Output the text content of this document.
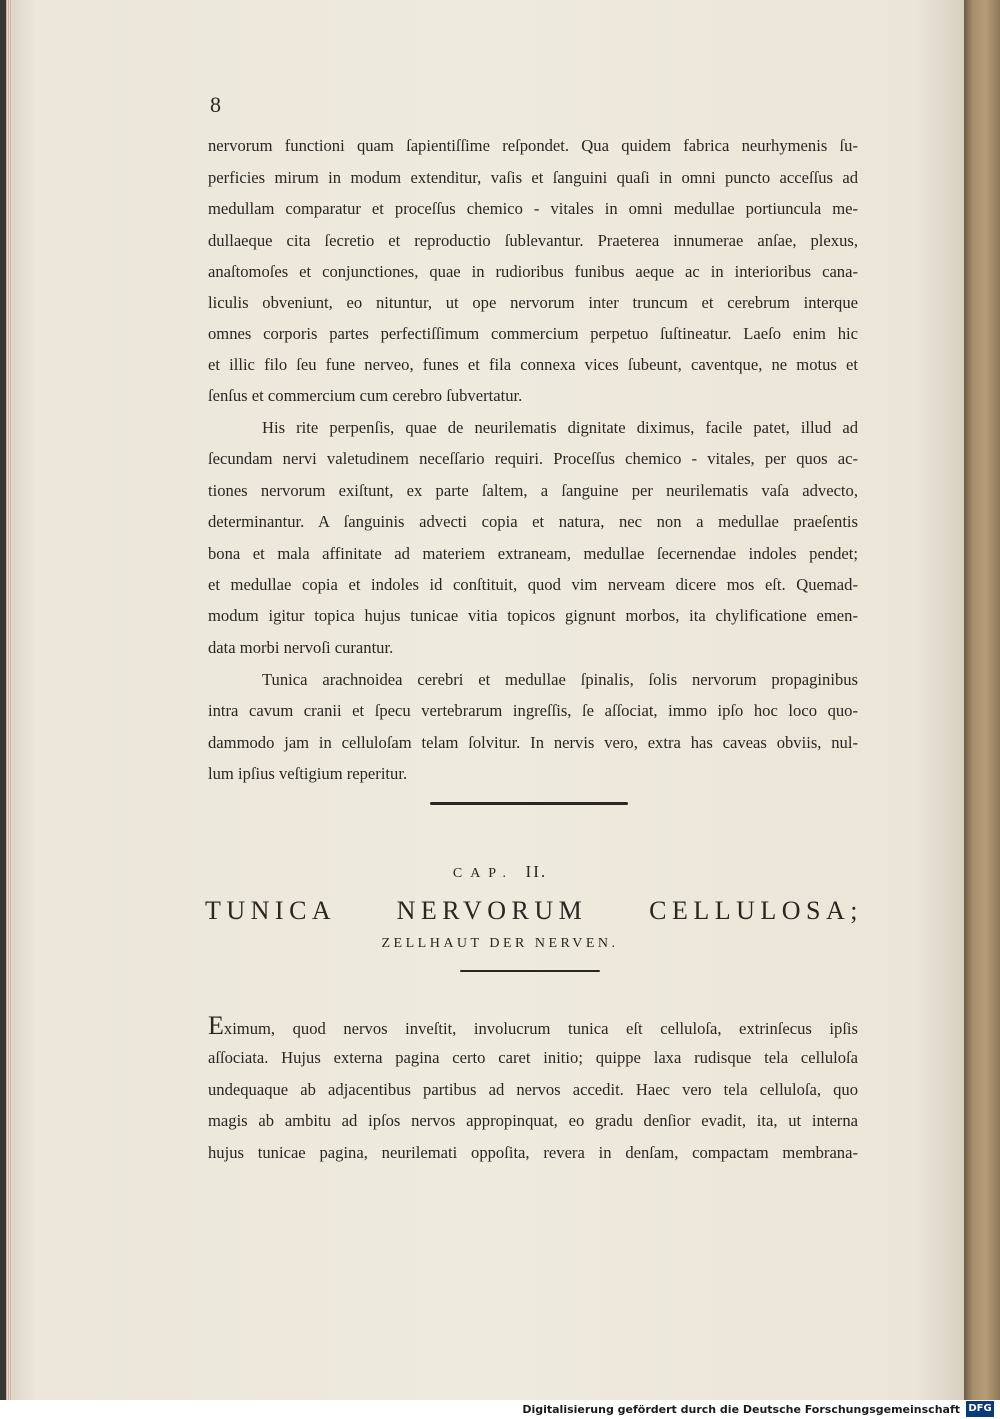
8
nervorum functioni quam ſapientiſſime reſpondet. Qua quidem fabrica neurhymenis ſu-
perficies mirum in modum extenditur, vaſis et ſanguini quaſi in omni puncto acceſſus ad
medullam comparatur et proceſſus chemico - vitales in omni medullae portiuncula me-
dullaeque cita ſecretio et reproductio ſublevantur. Praeterea innumerae anſae, plexus,
anaſtomoſes et conjunctiones, quae in rudioribus funibus aeque ac in interioribus cana-
liculis obveniunt, eo nituntur, ut ope nervorum inter truncum et cerebrum interque
omnes corporis partes perfectiſſimum commercium perpetuo ſuſtineatur. Laeſo enim hic
et illic filo ſeu fune nerveo, funes et fila connexa vices ſubeunt, caventque, ne motus et
ſenſus et commercium cum cerebro ſubvertatur.
His rite perpenſis, quae de neurilematis dignitate diximus, facile patet, illud ad
ſecundam nervi valetudinem neceſſario requiri. Proceſſus chemico - vitales, per quos ac-
tiones nervorum exiſtunt, ex parte ſaltem, a ſanguine per neurilematis vaſa advecto,
determinantur. A ſanguinis advecti copia et natura, nec non a medullae praeſentis
bona et mala affinitate ad materiem extraneam, medullae ſecernendae indoles pendet;
et medullae copia et indoles id conſtituit, quod vim nerveam dicere mos eſt. Quemad-
modum igitur topica hujus tunicae vitia topicos gignunt morbos, ita chylificatione emen-
data morbi nervoſi curantur.
Tunica arachnoidea cerebri et medullae ſpinalis, ſolis nervorum propaginibus
intra cavum cranii et ſpecu vertebrarum ingreſſis, ſe aſſociat, immo ipſo hoc loco quo-
dammodo jam in celluloſam telam ſolvitur. In nervis vero, extra has caveas obviis, nul-
lum ipſius veſtigium reperitur.
CAP. II.
TUNICA NERVORUM CELLULOSA;
ZELLHAUT DER NERVEN.
Eximum, quod nervos inveſtit, involucrum tunica eſt celluloſa, extrinſecus ipſis
aſſociata. Hujus externa pagina certo caret initio; quippe laxa rudisque tela celluloſa
undequaque ab adjacentibus partibus ad nervos accedit. Haec vero tela celluloſa, quo
magis ab ambitu ad ipſos nervos appropinquat, eo gradu denſior evadit, ita, ut interna
hujus tunicae pagina, neurilemati oppoſita, revera in denſam, compactam membrana-
Digitalisierung gefördert durch die Deutsche Forschungsgemeinschaft DFG
